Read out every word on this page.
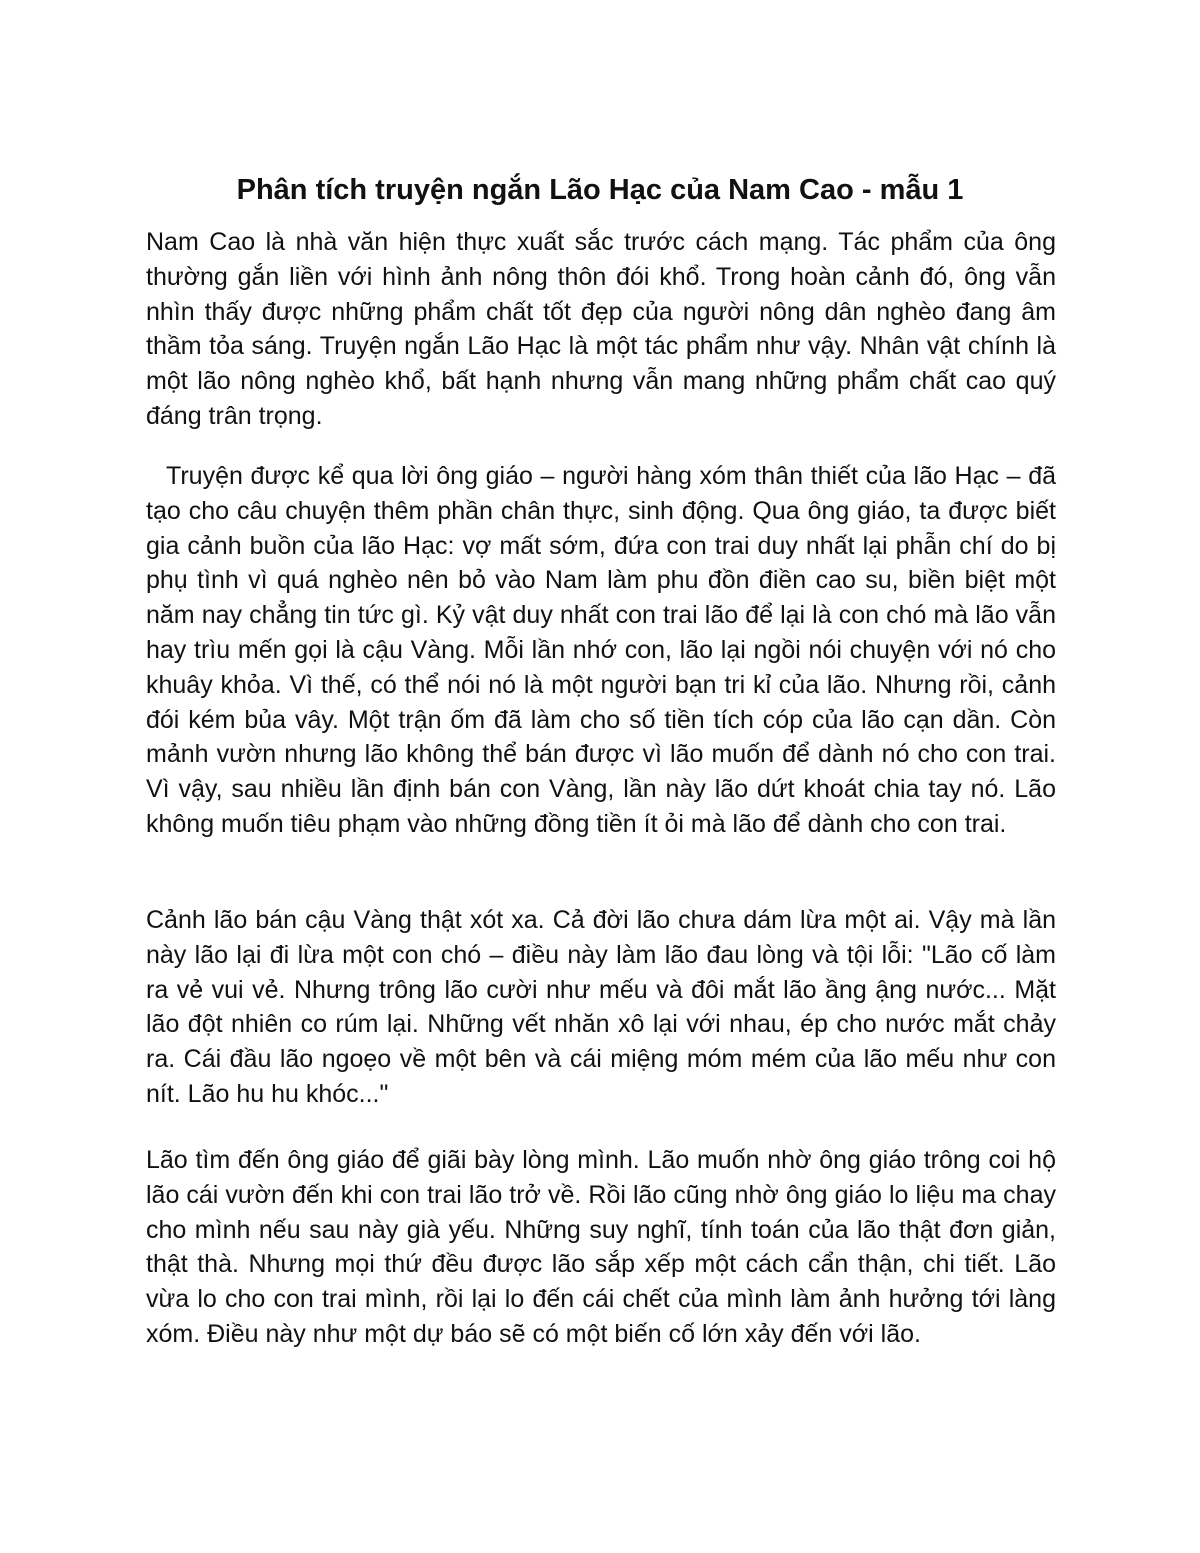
Phân tích truyện ngắn Lão Hạc của Nam Cao - mẫu 1

Nam Cao là nhà văn hiện thực xuất sắc trước cách mạng. Tác phẩm của ông thường gắn liền với hình ảnh nông thôn đói khổ. Trong hoàn cảnh đó, ông vẫn nhìn thấy được những phẩm chất tốt đẹp của người nông dân nghèo đang âm thầm tỏa sáng. Truyện ngắn Lão Hạc là một tác phẩm như vậy. Nhân vật chính là một lão nông nghèo khổ, bất hạnh nhưng vẫn mang những phẩm chất cao quý đáng trân trọng.

Truyện được kể qua lời ông giáo – người hàng xóm thân thiết của lão Hạc – đã tạo cho câu chuyện thêm phần chân thực, sinh động. Qua ông giáo, ta được biết gia cảnh buồn của lão Hạc: vợ mất sớm, đứa con trai duy nhất lại phẫn chí do bị phụ tình vì quá nghèo nên bỏ vào Nam làm phu đồn điền cao su, biền biệt một năm nay chẳng tin tức gì. Kỷ vật duy nhất con trai lão để lại là con chó mà lão vẫn hay trìu mến gọi là cậu Vàng. Mỗi lần nhớ con, lão lại ngồi nói chuyện với nó cho khuây khỏa. Vì thế, có thể nói nó là một người bạn tri kỉ của lão. Nhưng rồi, cảnh đói kém bủa vây. Một trận ốm đã làm cho số tiền tích cóp của lão cạn dần. Còn mảnh vườn nhưng lão không thể bán được vì lão muốn để dành nó cho con trai. Vì vậy, sau nhiều lần định bán con Vàng, lần này lão dứt khoát chia tay nó. Lão không muốn tiêu phạm vào những đồng tiền ít ỏi mà lão để dành cho con trai.

Cảnh lão bán cậu Vàng thật xót xa. Cả đời lão chưa dám lừa một ai. Vậy mà lần này lão lại đi lừa một con chó – điều này làm lão đau lòng và tội lỗi: "Lão cố làm ra vẻ vui vẻ. Nhưng trông lão cười như mếu và đôi mắt lão ầng ậng nước... Mặt lão đột nhiên co rúm lại. Những vết nhăn xô lại với nhau, ép cho nước mắt chảy ra. Cái đầu lão ngoẹo về một bên và cái miệng móm mém của lão mếu như con nít. Lão hu hu khóc..."

Lão tìm đến ông giáo để giãi bày lòng mình. Lão muốn nhờ ông giáo trông coi hộ lão cái vườn đến khi con trai lão trở về. Rồi lão cũng nhờ ông giáo lo liệu ma chay cho mình nếu sau này già yếu. Những suy nghĩ, tính toán của lão thật đơn giản, thật thà. Nhưng mọi thứ đều được lão sắp xếp một cách cẩn thận, chi tiết. Lão vừa lo cho con trai mình, rồi lại lo đến cái chết của mình làm ảnh hưởng tới làng xóm. Điều này như một dự báo sẽ có một biến cố lớn xảy đến với lão.
